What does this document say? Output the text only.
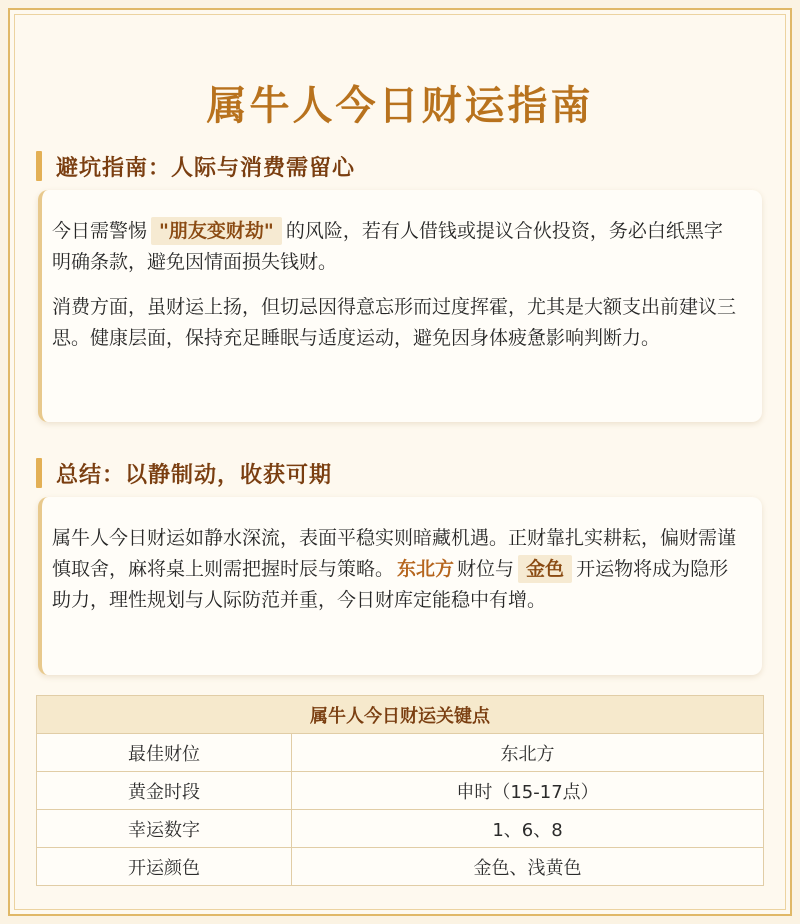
属牛人今日财运指南
避坑指南：人际与消费需留心

今日需警惕 "朋友变财劫" 的风险，若有人借钱或提议合伙投资，务必白纸黑字明确条款，避免因情面损失钱财。

消费方面，虽财运上扬，但切忌因得意忘形而过度挥霍，尤其是大额支出前建议三思。健康层面，保持充足睡眠与适度运动，避免因身体疲惫影响判断力。

总结：以静制动，收获可期

属牛人今日财运如静水深流，表面平稳实则暗藏机遇。正财靠扎实耕耘，偏财需谨慎取舍，麻将桌上则需把握时辰与策略。 东北方 财位与 金色 开运物将成为隐形助力，理性规划与人际防范并重，今日财库定能稳中有增。

属牛人今日财运关键点	
最佳财位	东北方
黄金时段	申时（15-17点）
幸运数字	1、6、8
开运颜色	金色、浅黄色
